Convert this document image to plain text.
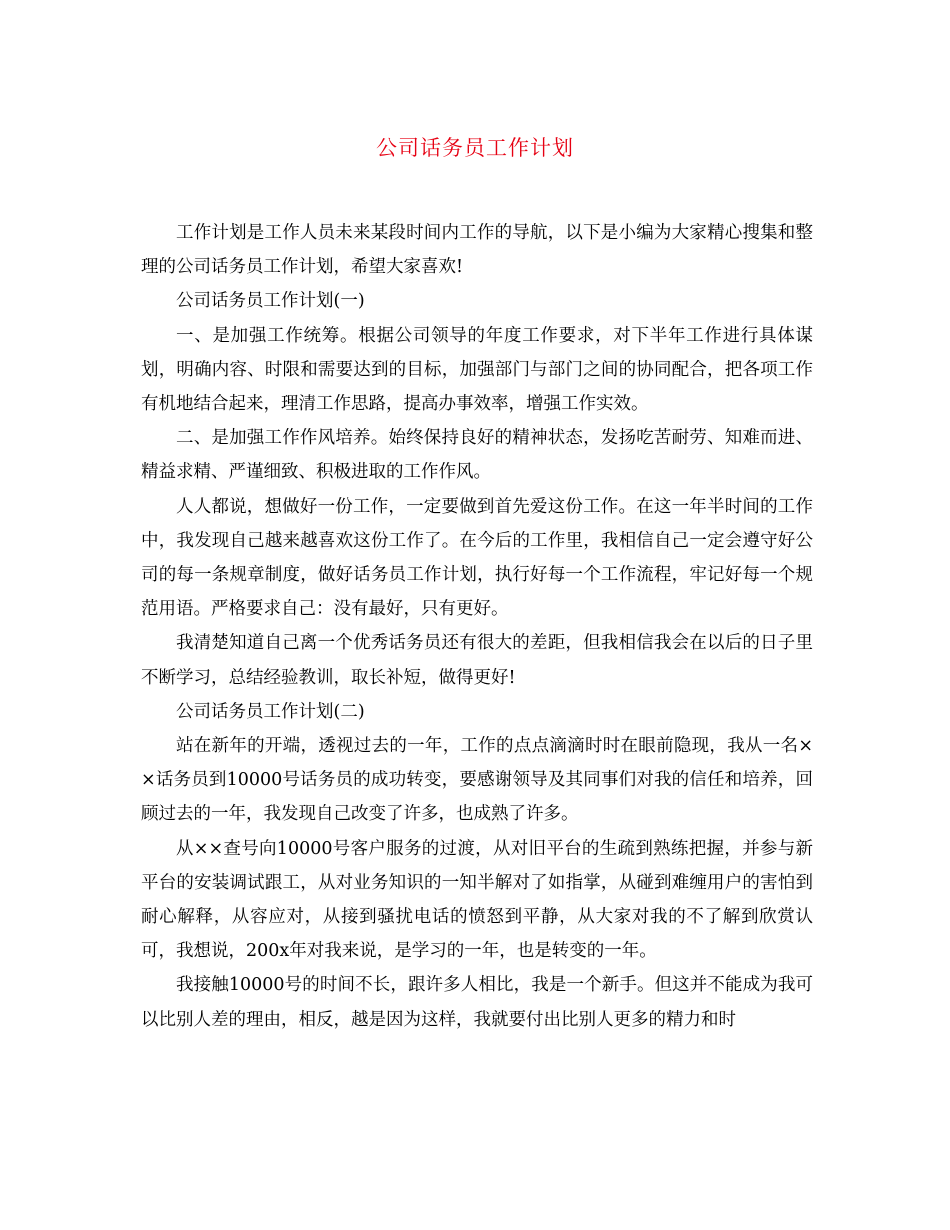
公司话务员工作计划

工作计划是工作人员未来某段时间内工作的导航，以下是小编为大家精心搜集和整理的公司话务员工作计划，希望大家喜欢!

公司话务员工作计划(一)

一、是加强工作统筹。根据公司领导的年度工作要求，对下半年工作进行具体谋划，明确内容、时限和需要达到的目标，加强部门与部门之间的协同配合，把各项工作有机地结合起来，理清工作思路，提高办事效率，增强工作实效。

二、是加强工作作风培养。始终保持良好的精神状态，发扬吃苦耐劳、知难而进、精益求精、严谨细致、积极进取的工作作风。

人人都说，想做好一份工作，一定要做到首先爱这份工作。在这一年半时间的工作中，我发现自己越来越喜欢这份工作了。在今后的工作里，我相信自己一定会遵守好公司的每一条规章制度，做好话务员工作计划，执行好每一个工作流程，牢记好每一个规范用语。严格要求自己：没有最好，只有更好。

我清楚知道自己离一个优秀话务员还有很大的差距，但我相信我会在以后的日子里不断学习，总结经验教训，取长补短，做得更好!

公司话务员工作计划(二)

站在新年的开端，透视过去的一年，工作的点点滴滴时时在眼前隐现，我从一名××话务员到10000号话务员的成功转变，要感谢领导及其同事们对我的信任和培养，回顾过去的一年，我发现自己改变了许多，也成熟了许多。

从××查号向10000号客户服务的过渡，从对旧平台的生疏到熟练把握，并参与新平台的安装调试跟工，从对业务知识的一知半解对了如指掌，从碰到难缠用户的害怕到耐心解释，从容应对，从接到骚扰电话的愤怒到平静，从大家对我的不了解到欣赏认可，我想说，200x年对我来说，是学习的一年，也是转变的一年。

我接触10000号的时间不长，跟许多人相比，我是一个新手。但这并不能成为我可以比别人差的理由，相反，越是因为这样，我就要付出比别人更多的精力和时
